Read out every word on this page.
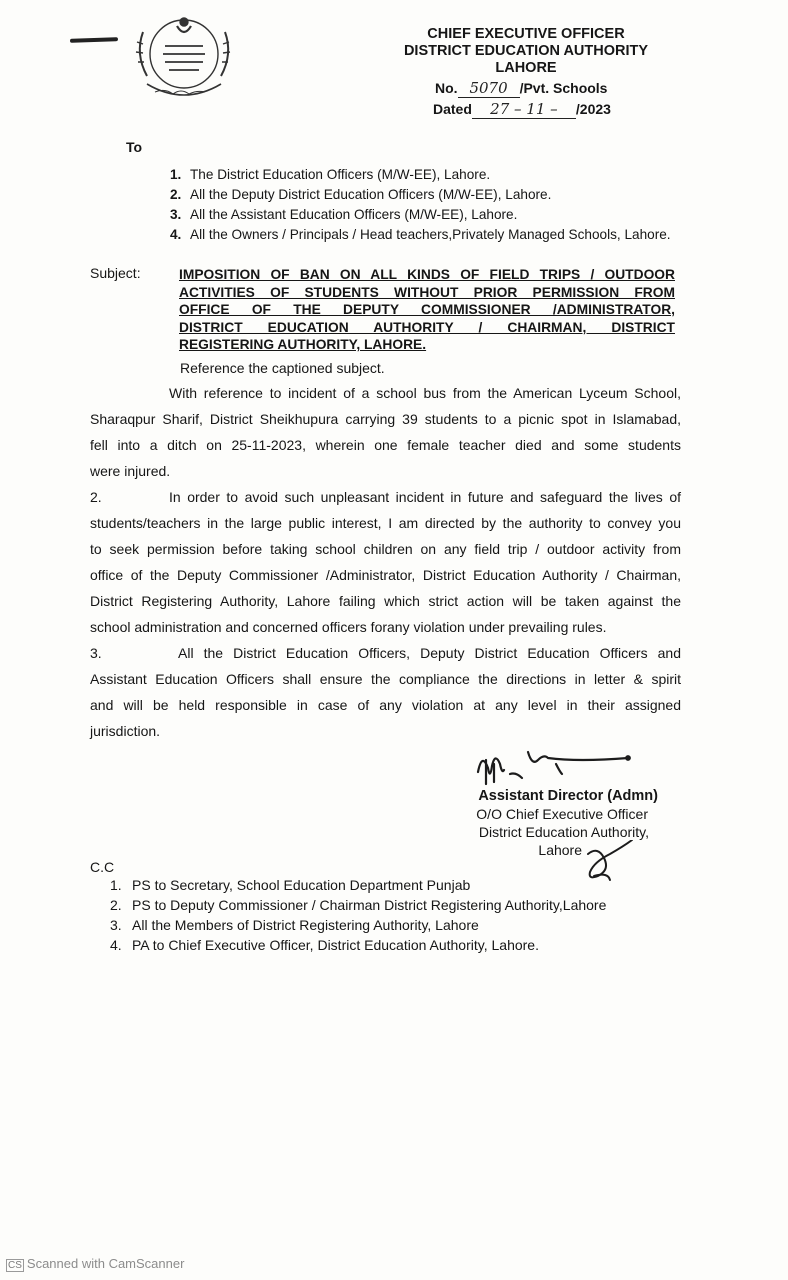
CHIEF EXECUTIVE OFFICER
DISTRICT EDUCATION AUTHORITY
LAHORE
No. 5070 /Pvt. Schools
Dated 27 – 11 – /2023
To
1. The District Education Officers (M/W-EE), Lahore.
2. All the Deputy District Education Officers (M/W-EE), Lahore.
3. All the Assistant Education Officers (M/W-EE), Lahore.
4. All the Owners / Principals / Head teachers,Privately Managed Schools, Lahore.
Subject:	IMPOSITION OF BAN ON ALL KINDS OF FIELD TRIPS / OUTDOOR
ACTIVITIES OF STUDENTS WITHOUT PRIOR PERMISSION FROM
OFFICE OF THE DEPUTY COMMISSIONER /ADMINISTRATOR,
DISTRICT EDUCATION AUTHORITY / CHAIRMAN, DISTRICT
REGISTERING AUTHORITY, LAHORE.
Reference the captioned subject.
With reference to incident of a school bus from the American Lyceum School,
Sharaqpur Sharif, District Sheikhupura carrying 39 students to a picnic spot in Islamabad,
fell into a ditch on 25-11-2023, wherein one female teacher died and some students
were injured.
2.	In order to avoid such unpleasant incident in future and safeguard the lives of
students/teachers in the large public interest, I am directed by the authority to convey you
to seek permission before taking school children on any field trip / outdoor activity from
office of the Deputy Commissioner /Administrator, District Education Authority / Chairman,
District Registering Authority, Lahore failing which strict action will be taken against the
school administration and concerned officers forany violation under prevailing rules.
3.	All the District Education Officers, Deputy District Education Officers and
Assistant Education Officers shall ensure the compliance the directions in letter & spirit
and will be held responsible in case of any violation at any level in their assigned
jurisdiction.
Assistant Director (Admn)
O/O Chief Executive Officer
District Education Authority,
Lahore
C.C
1. PS to Secretary, School Education Department Punjab
2. PS to Deputy Commissioner / Chairman District Registering Authority,Lahore
3. All the Members of District Registering Authority, Lahore
4. PA to Chief Executive Officer, District Education Authority, Lahore.
CS Scanned with CamScanner
